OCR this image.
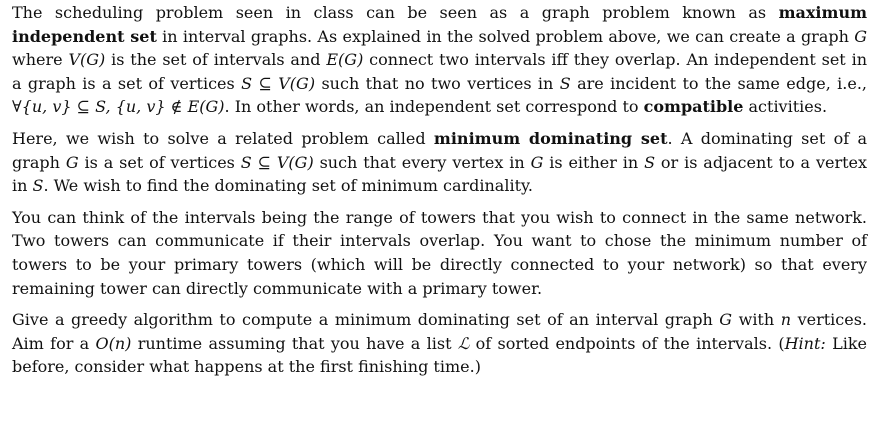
The scheduling problem seen in class can be seen as a graph problem known as maximum independent set in interval graphs. As explained in the solved problem above, we can create a graph G where V(G) is the set of intervals and E(G) connect two intervals iff they overlap. An independent set in a graph is a set of vertices S ⊆ V(G) such that no two vertices in S are incident to the same edge, i.e., ∀{u, v} ⊆ S, {u, v} ∉ E(G). In other words, an independent set correspond to compatible activities.

Here, we wish to solve a related problem called minimum dominating set. A dominating set of a graph G is a set of vertices S ⊆ V(G) such that every vertex in G is either in S or is adjacent to a vertex in S. We wish to find the dominating set of minimum cardinality.

You can think of the intervals being the range of towers that you wish to connect in the same network. Two towers can communicate if their intervals overlap. You want to chose the minimum number of towers to be your primary towers (which will be directly connected to your network) so that every remaining tower can directly communicate with a primary tower.

Give a greedy algorithm to compute a minimum dominating set of an interval graph G with n vertices. Aim for a O(n) runtime assuming that you have a list ℒ of sorted endpoints of the intervals. (Hint: Like before, consider what happens at the first finishing time.)
